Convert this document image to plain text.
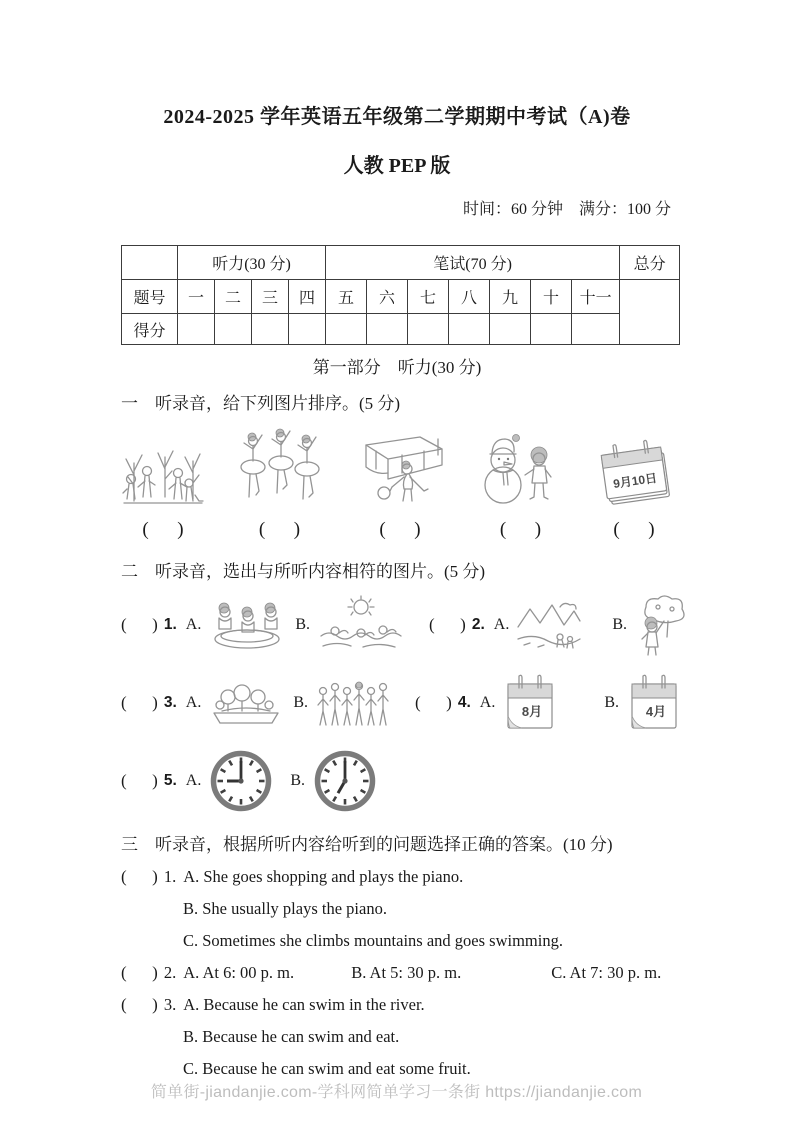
2024-2025 学年英语五年级第二学期期中考试（A)卷
人教 PEP 版
时间：60 分钟　满分：100 分
	听力(30 分)				笔试(70 分)							总分
题号	一	二	三	四	五	六	七	八	九	十	十一	
得分												
第一部分　听力(30 分)
一　听录音，给下列图片排序。(5 分)
9月10日
(      )	(      )	(      )	(      )	(      )
二　听录音，选出与所听内容相符的图片。(5 分)
(      ) 1. A.	B.	(      ) 2. A.	B.
(      ) 3. A.	B.	(      ) 4. A.
8月
B.
4月
(      ) 5. A.	B.
三　听录音，根据所听内容给听到的问题选择正确的答案。(10 分)
(      ) 1. A. She goes shopping and plays the piano.
B. She usually plays the piano.
C. Sometimes she climbs mountains and goes swimming.
(      ) 2. A. At 6: 00 p. m.	B. At 5: 30 p. m.	C. At 7: 30 p. m.
(      ) 3. A. Because he can swim in the river.
B. Because he can swim and eat.
C. Because he can swim and eat some fruit.
简单街-jiandanjie.com-学科网简单学习一条街 https://jiandanjie.com
